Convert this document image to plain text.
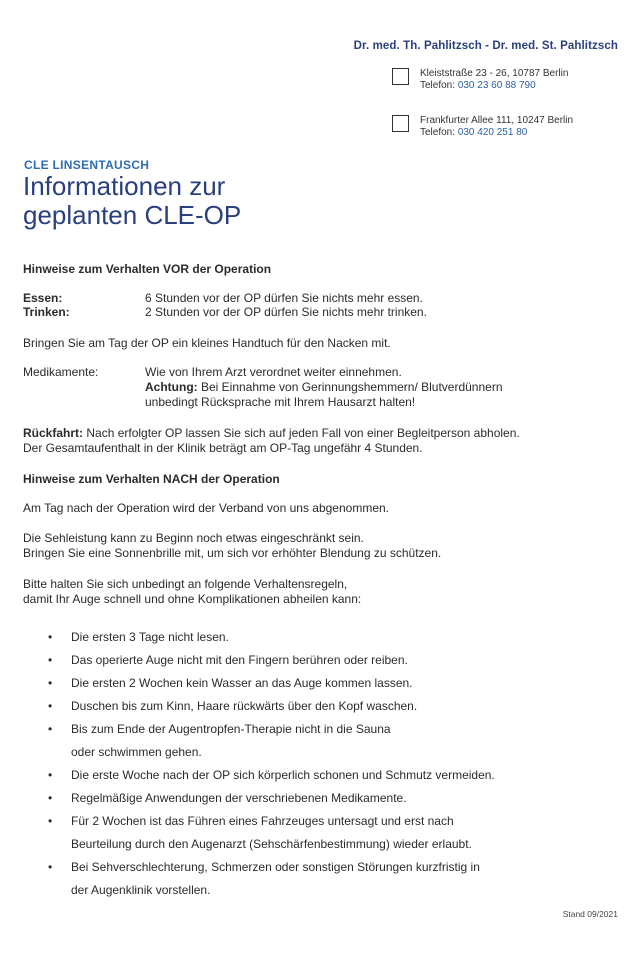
Dr. med. Th. Pahlitzsch - Dr. med. St. Pahlitzsch
Kleiststraße 23 - 26, 10787 Berlin
Telefon: 030 23 60 88 790
Frankfurter Allee 111, 10247 Berlin
Telefon: 030 420 251 80
CLE LINSENTAUSCH
Informationen zur
geplanten CLE-OP
Hinweise zum Verhalten VOR der Operation
Essen:	6 Stunden vor der OP dürfen Sie nichts mehr essen.
Trinken:	2 Stunden vor der OP dürfen Sie nichts mehr trinken.
Bringen Sie am Tag der OP ein kleines Handtuch für den Nacken mit.
Medikamente:	Wie von Ihrem Arzt verordnet weiter einnehmen.
Achtung: Bei Einnahme von Gerinnungshemmern/ Blutverdünnern
unbedingt Rücksprache mit Ihrem Hausarzt halten!
Rückfahrt: Nach erfolgter OP lassen Sie sich auf jeden Fall von einer Begleitperson abholen.
Der Gesamtaufenthalt in der Klinik beträgt am OP-Tag ungefähr 4 Stunden.
Hinweise zum Verhalten NACH der Operation
Am Tag nach der Operation wird der Verband von uns abgenommen.
Die Sehleistung kann zu Beginn noch etwas eingeschränkt sein.
Bringen Sie eine Sonnenbrille mit, um sich vor erhöhter Blendung zu schützen.
Bitte halten Sie sich unbedingt an folgende Verhaltensregeln,
damit Ihr Auge schnell und ohne Komplikationen abheilen kann:
• Die ersten 3 Tage nicht lesen.
• Das operierte Auge nicht mit den Fingern berühren oder reiben.
• Die ersten 2 Wochen kein Wasser an das Auge kommen lassen.
• Duschen bis zum Kinn, Haare rückwärts über den Kopf waschen.
• Bis zum Ende der Augentropfen-Therapie nicht in die Sauna
oder schwimmen gehen.
• Die erste Woche nach der OP sich körperlich schonen und Schmutz vermeiden.
• Regelmäßige Anwendungen der verschriebenen Medikamente.
• Für 2 Wochen ist das Führen eines Fahrzeuges untersagt und erst nach
Beurteilung durch den Augenarzt (Sehschärfenbestimmung) wieder erlaubt.
• Bei Sehverschlechterung, Schmerzen oder sonstigen Störungen kurzfristig in
der Augenklinik vorstellen.
Stand 09/2021
